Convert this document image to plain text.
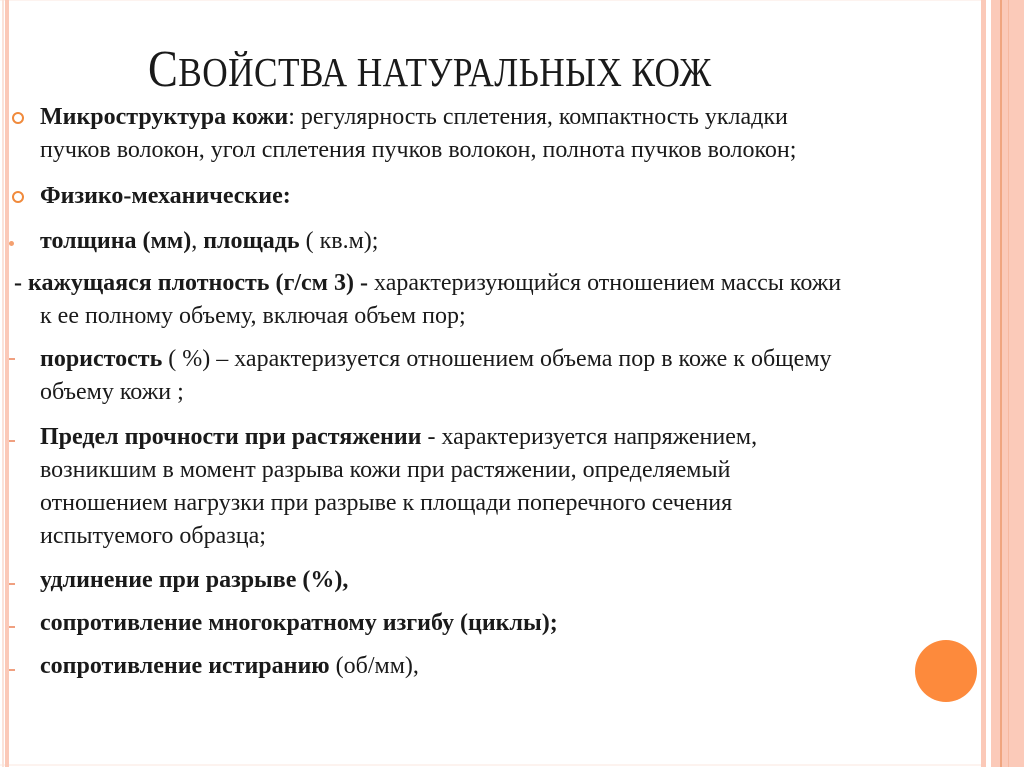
СВОЙСТВА НАТУРАЛЬНЫХ КОЖ
Микроструктура кожи: регулярность сплетения, компактность укладки
пучков волокон, угол сплетения пучков волокон, полнота пучков волокон;
Физико-механические:
толщина (мм), площадь ( кв.м);
- кажущаяся плотность (г/см 3) - характеризующийся отношением массы кожи
к ее полному объему, включая объем пор;
пористость ( %) – характеризуется отношением объема пор в коже к общему
объему кожи ;
Предел прочности при растяжении - характеризуется напряжением,
возникшим в момент разрыва кожи при растяжении, определяемый
отношением нагрузки при разрыве к площади поперечного сечения
испытуемого образца;
удлинение при разрыве (%),
сопротивление многократному изгибу (циклы);
сопротивление истиранию (об/мм),
